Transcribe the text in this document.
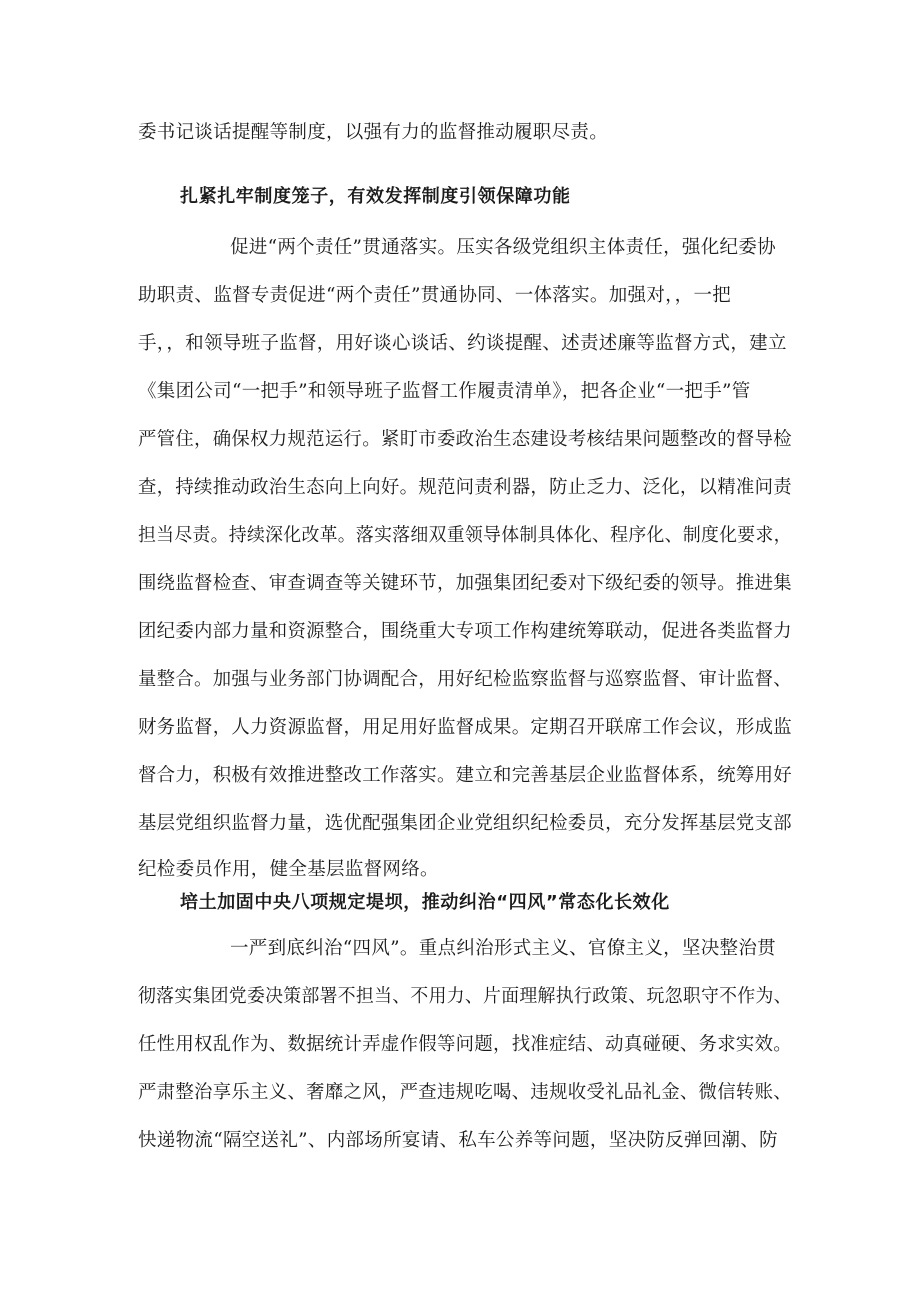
委书记谈话提醒等制度，以强有力的监督推动履职尽责。
扎紧扎牢制度笼子，有效发挥制度引领保障功能
促进“两个责任”贯通落实。压实各级党组织主体责任，强化纪委协
助职责、监督专责促进“两个责任”贯通协同、一体落实。加强对，，一把
手，，和领导班子监督，用好谈心谈话、约谈提醒、述责述廉等监督方式，建立
《集团公司“一把手”和领导班子监督工作履责清单》，把各企业“一把手”管
严管住，确保权力规范运行。紧盯市委政治生态建设考核结果问题整改的督导检
查，持续推动政治生态向上向好。规范问责利器，防止乏力、泛化，以精准问责
担当尽责。持续深化改革。落实落细双重领导体制具体化、程序化、制度化要求，
围绕监督检查、审查调查等关键环节，加强集团纪委对下级纪委的领导。推进集
团纪委内部力量和资源整合，围绕重大专项工作构建统筹联动，促进各类监督力
量整合。加强与业务部门协调配合，用好纪检监察监督与巡察监督、审计监督、
财务监督，人力资源监督，用足用好监督成果。定期召开联席工作会议，形成监
督合力，积极有效推进整改工作落实。建立和完善基层企业监督体系，统筹用好
基层党组织监督力量，选优配强集团企业党组织纪检委员，充分发挥基层党支部
纪检委员作用，健全基层监督网络。
培土加固中央八项规定堤坝，推动纠治“四风”常态化长效化
一严到底纠治“四风”。重点纠治形式主义、官僚主义，坚决整治贯
彻落实集团党委决策部署不担当、不用力、片面理解执行政策、玩忽职守不作为、
任性用权乱作为、数据统计弄虚作假等问题，找准症结、动真碰硬、务求实效。
严肃整治享乐主义、奢靡之风，严查违规吃喝、违规收受礼品礼金、微信转账、
快递物流“隔空送礼”、内部场所宴请、私车公养等问题，坚决防反弹回潮、防
